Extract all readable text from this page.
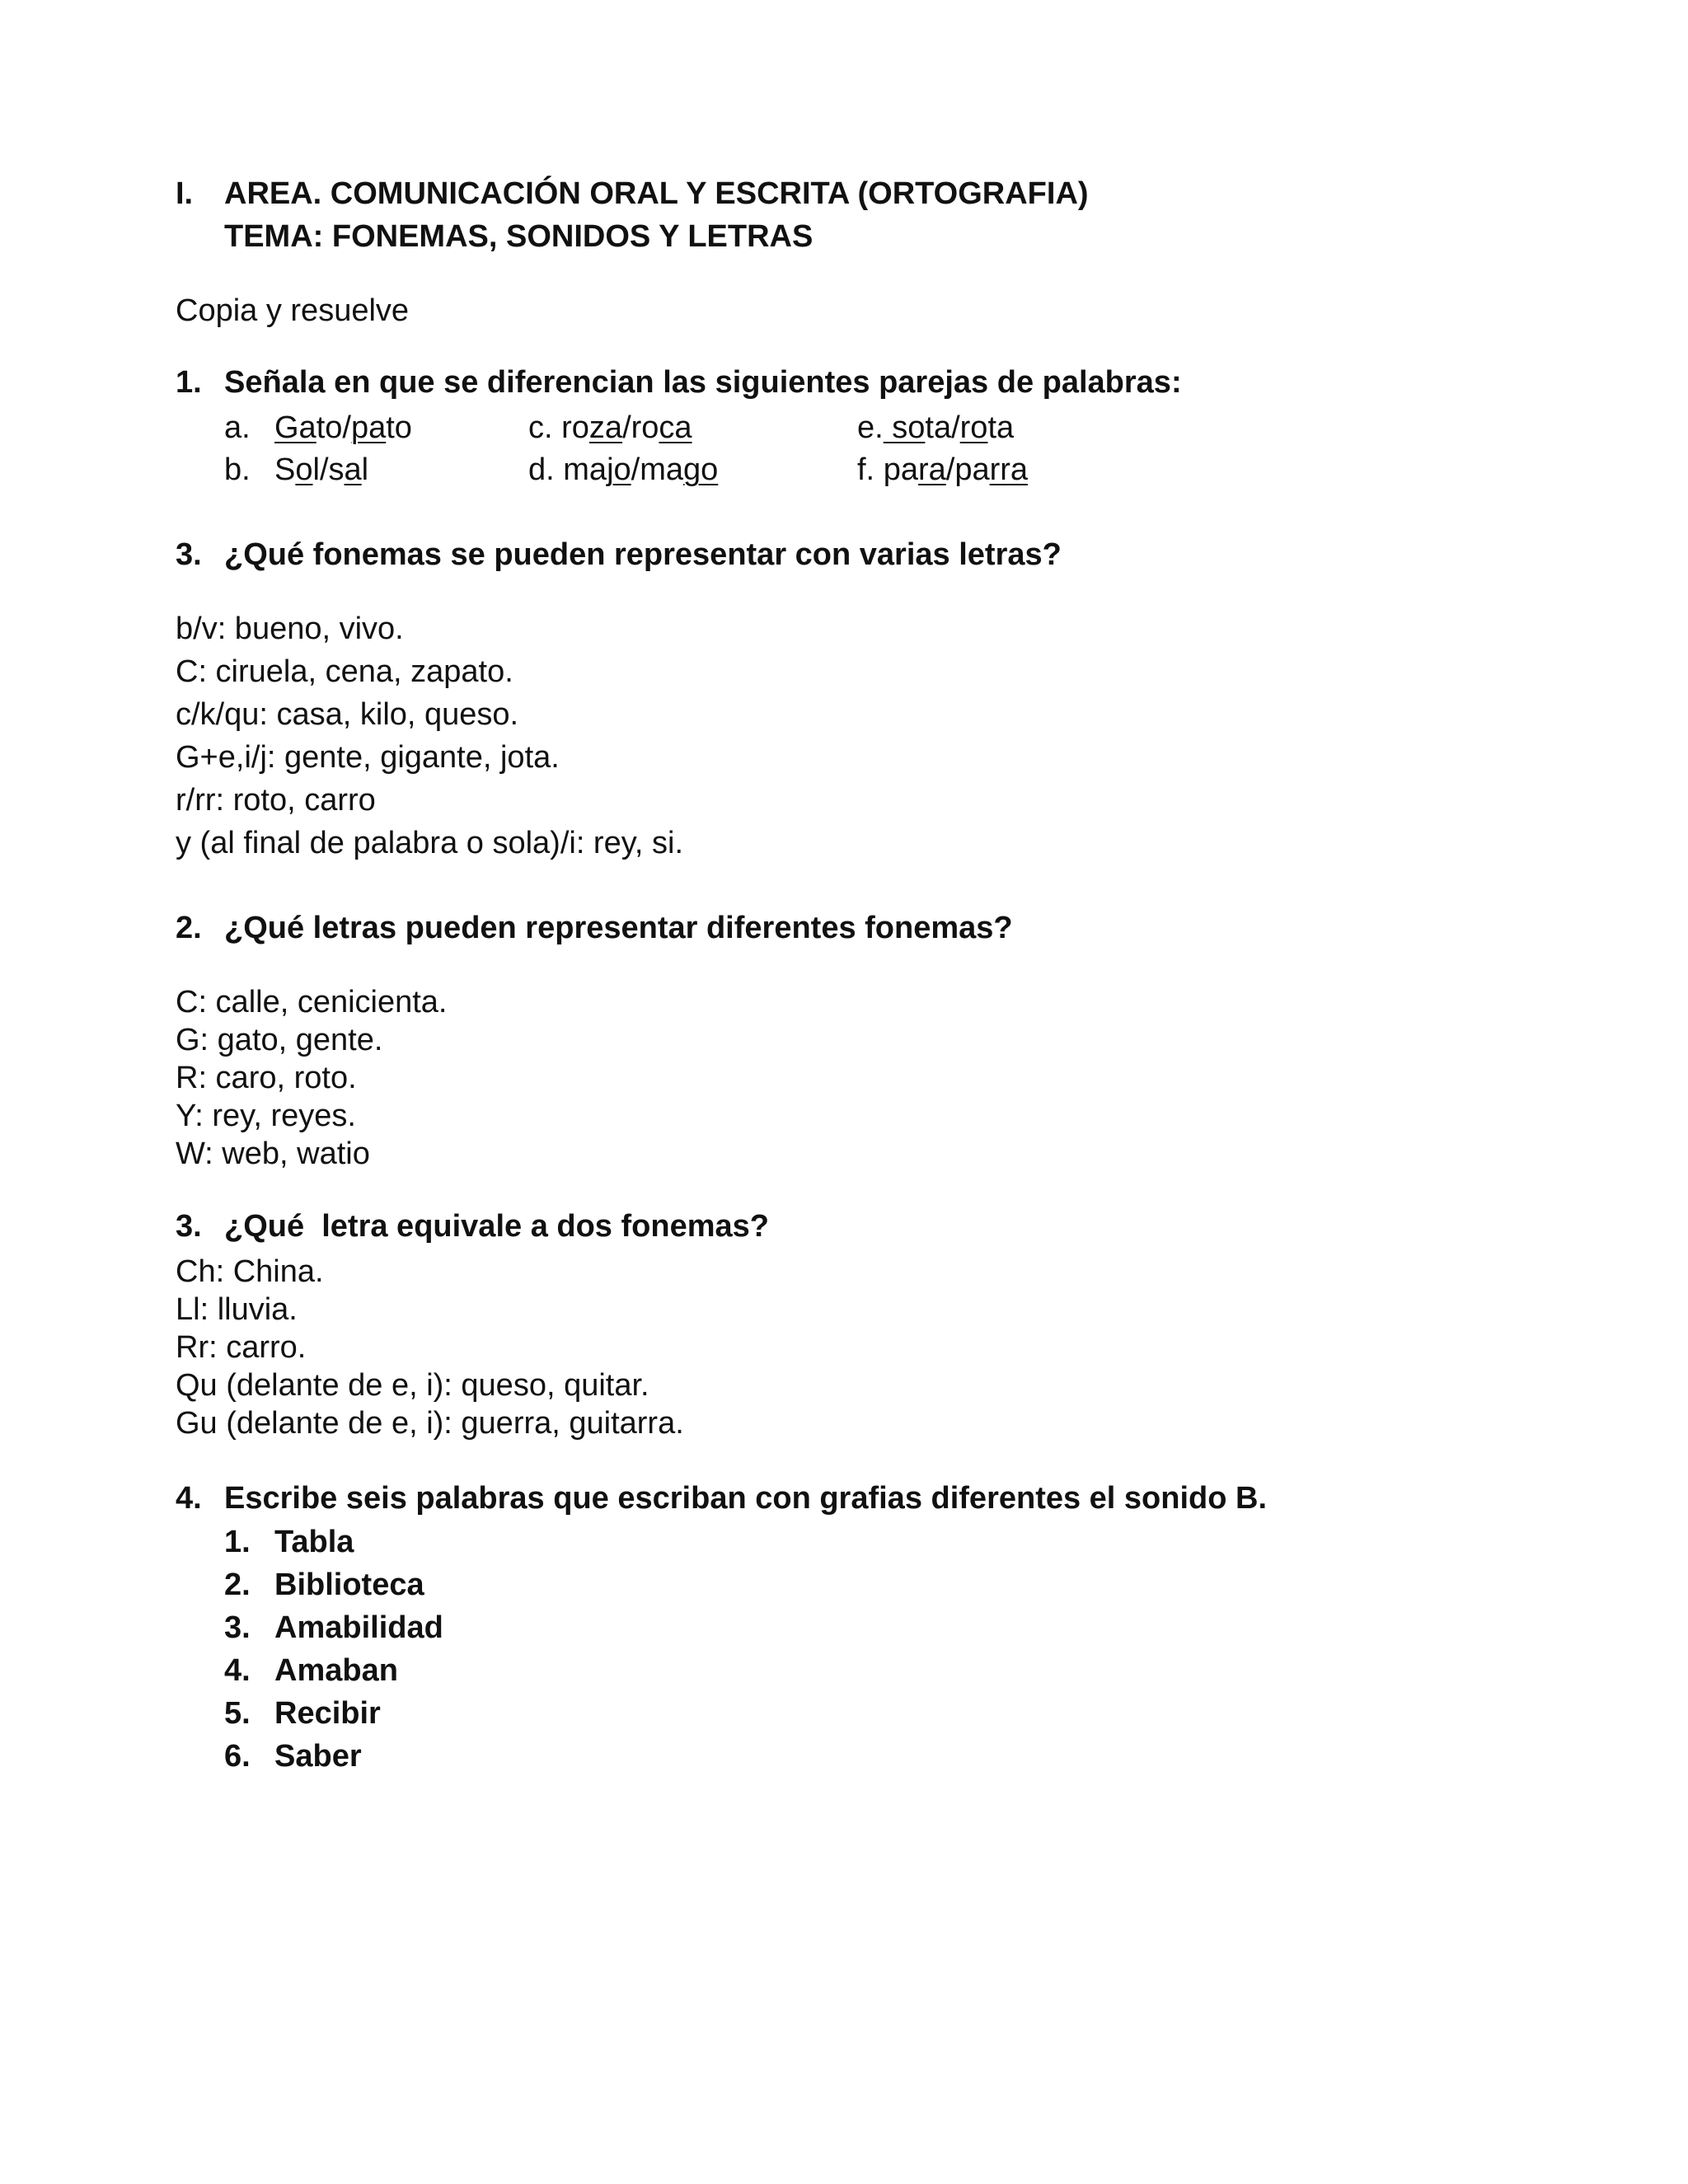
I. AREA. COMUNICACIÓN ORAL Y ESCRITA (ORTOGRAFIA)
TEMA: FONEMAS, SONIDOS Y LETRAS
Copia y resuelve
1. Señala en que se diferencian las siguientes parejas de palabras:
a. Gato/pato	c. roza/roca	e. sota/rota
b. Sol/sal	d. majo/mago	f. para/parra
3. ¿Qué fonemas se pueden representar con varias letras?
b/v: bueno, vivo.
C: ciruela, cena, zapato.
c/k/qu: casa, kilo, queso.
G+e,i/j: gente, gigante, jota.
r/rr: roto, carro
y (al final de palabra o sola)/i: rey, si.
2. ¿Qué letras pueden representar diferentes fonemas?
C: calle, cenicienta.
G: gato, gente.
R: caro, roto.
Y: rey, reyes.
W: web, watio
3. ¿Qué  letra equivale a dos fonemas?
Ch: China.
Ll: lluvia.
Rr: carro.
Qu (delante de e, i): queso, quitar.
Gu (delante de e, i): guerra, guitarra.
4. Escribe seis palabras que escriban con grafias diferentes el sonido B.
1. Tabla
2. Biblioteca
3. Amabilidad
4. Amaban
5. Recibir
6. Saber
